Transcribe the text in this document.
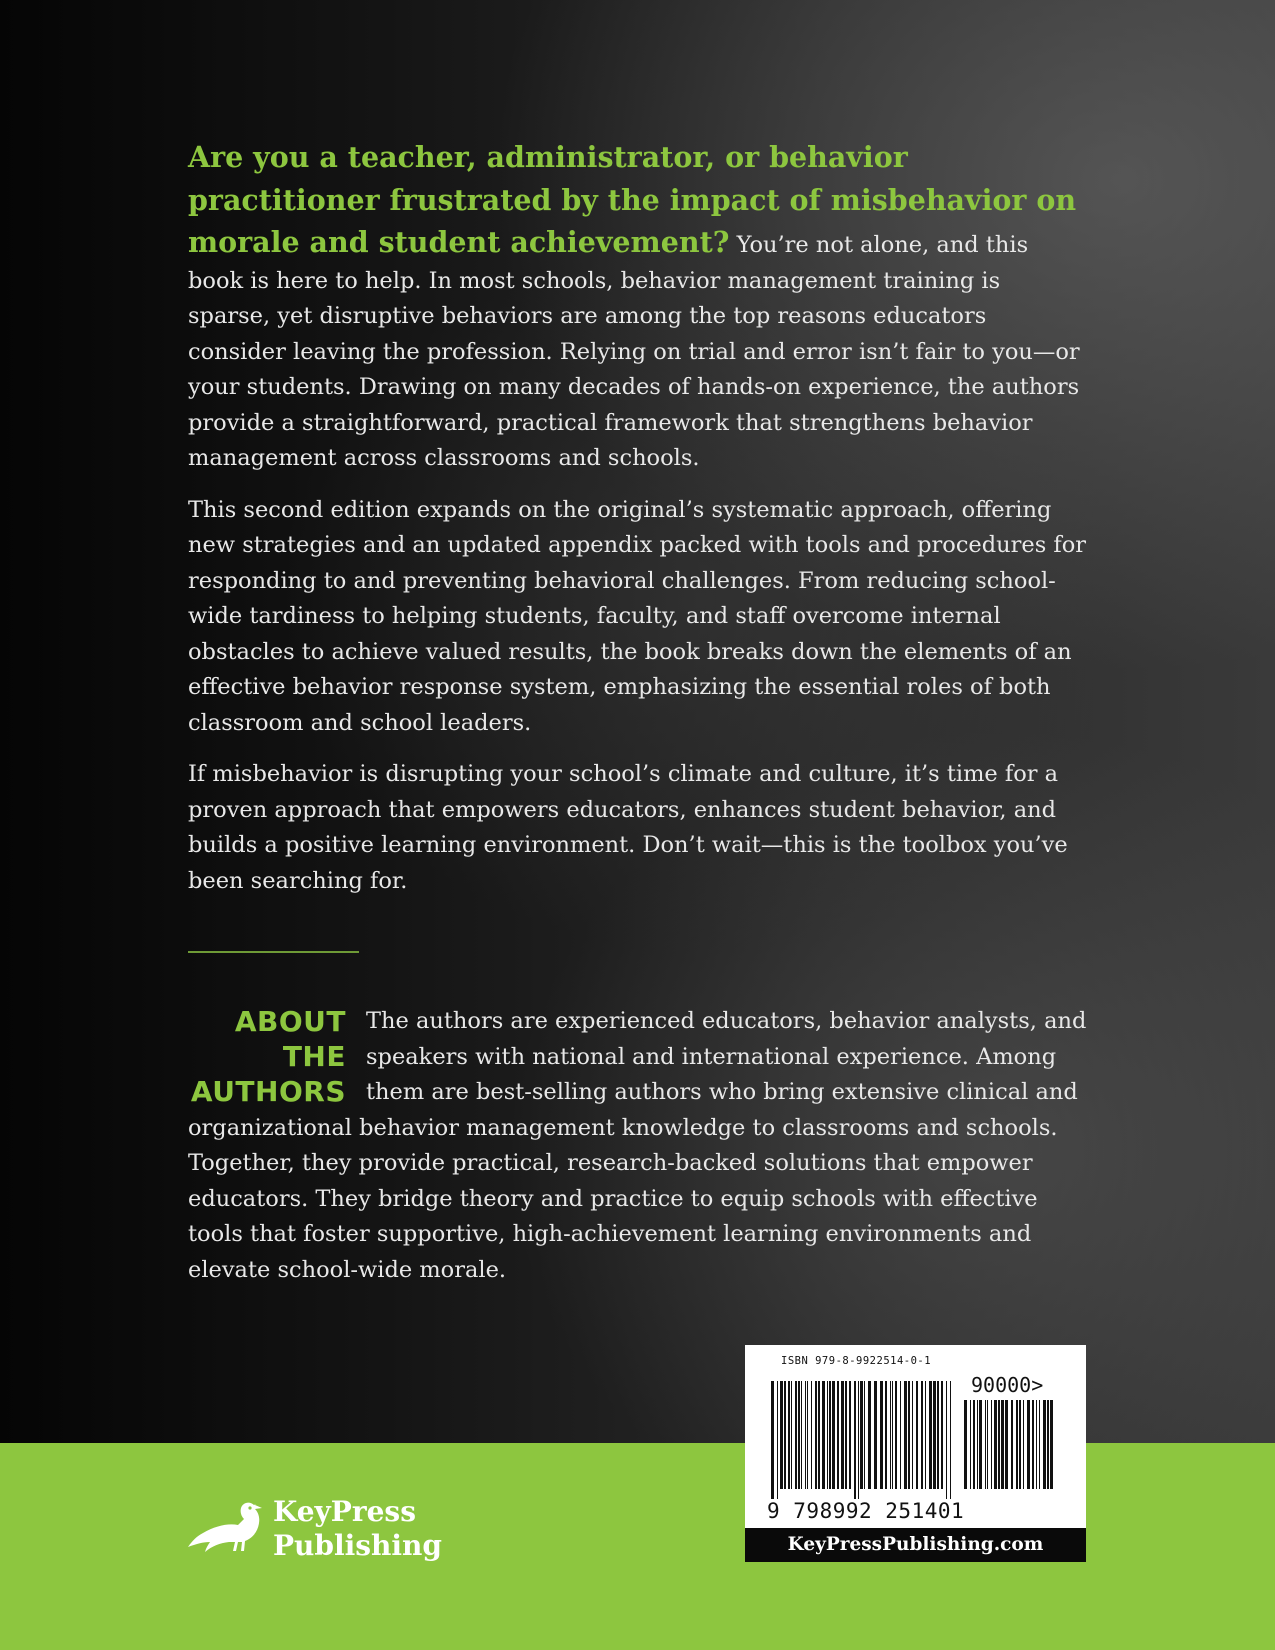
Are you a teacher, administrator, or behavior practitioner frustrated by the impact of misbehavior on morale and student achievement? You’re not alone, and this book is here to help. In most schools, behavior management training is sparse, yet disruptive behaviors are among the top reasons educators consider leaving the profession. Relying on trial and error isn’t fair to you—or your students. Drawing on many decades of hands-on experience, the authors provide a straightforward, practical framework that strengthens behavior management across classrooms and schools.

This second edition expands on the original’s systematic approach, offering new strategies and an updated appendix packed with tools and procedures for responding to and preventing behavioral challenges. From reducing school-wide tardiness to helping students, faculty, and staff overcome internal obstacles to achieve valued results, the book breaks down the elements of an effective behavior response system, emphasizing the essential roles of both classroom and school leaders.

If misbehavior is disrupting your school’s climate and culture, it’s time for a proven approach that empowers educators, enhances student behavior, and builds a positive learning environment. Don’t wait—this is the toolbox you’ve been searching for.

ABOUT
THE
AUTHORS
The authors are experienced educators, behavior analysts, and speakers with national and international experience. Among them are best-selling authors who bring extensive clinical and organizational behavior management knowledge to classrooms and schools. Together, they provide practical, research-backed solutions that empower educators. They bridge theory and practice to equip schools with effective tools that foster supportive, high-achievement learning environments and elevate school-wide morale.
KeyPress
Publishing
ISBN 979-8-9922514-0-1
90000>
9 798992 251401
KeyPressPublishing.com
